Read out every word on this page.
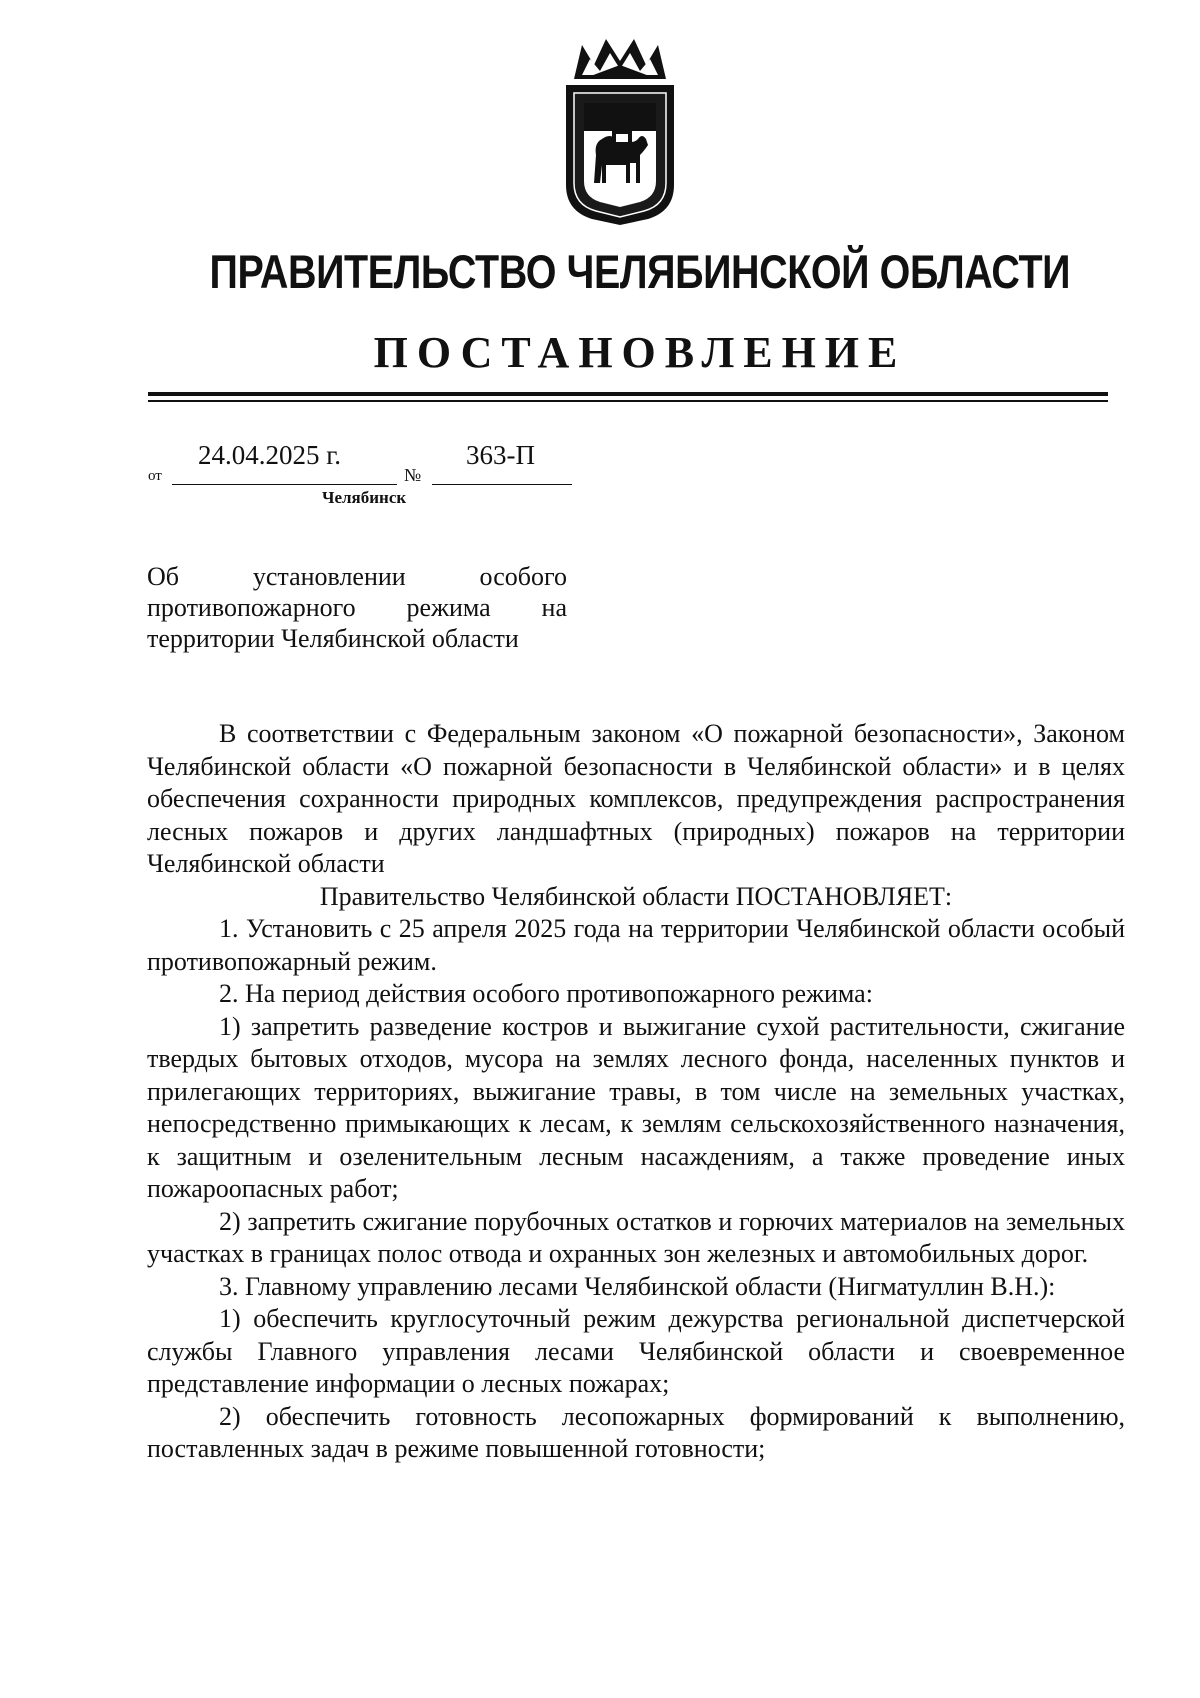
ПРАВИТЕЛЬСТВО ЧЕЛЯБИНСКОЙ ОБЛАСТИ
ПОСТАНОВЛЕНИЕ
от
24.04.2025 г.
№
363-П
Челябинск
Об установлении особого противопожарного режима на территории Челябинской области

В соответствии с Федеральным законом «О пожарной безопасности», Законом Челябинской области «О пожарной безопасности в Челябинской области» и в целях обеспечения сохранности природных комплексов, предупреждения распространения лесных пожаров и других ландшафтных (природных) пожаров на территории Челябинской области

Правительство Челябинской области ПОСТАНОВЛЯЕТ:

1. Установить с 25 апреля 2025 года на территории Челябинской области особый противопожарный режим.

2. На период действия особого противопожарного режима:

1) запретить разведение костров и выжигание сухой растительности, сжигание твердых бытовых отходов, мусора на землях лесного фонда, населенных пунктов и прилегающих территориях, выжигание травы, в том числе на земельных участках, непосредственно примыкающих к лесам, к землям сельскохозяйственного назначения, к защитным и озеленительным лесным насаждениям, а также проведение иных пожароопасных работ;

2) запретить сжигание порубочных остатков и горючих материалов на земельных участках в границах полос отвода и охранных зон железных и автомобильных дорог.

3. Главному управлению лесами Челябинской области (Нигматуллин В.Н.):

1) обеспечить круглосуточный режим дежурства региональной диспетчерской службы Главного управления лесами Челябинской области и своевременное представление информации о лесных пожарах;

2) обеспечить готовность лесопожарных формирований к выполнению, поставленных задач в режиме повышенной готовности;
